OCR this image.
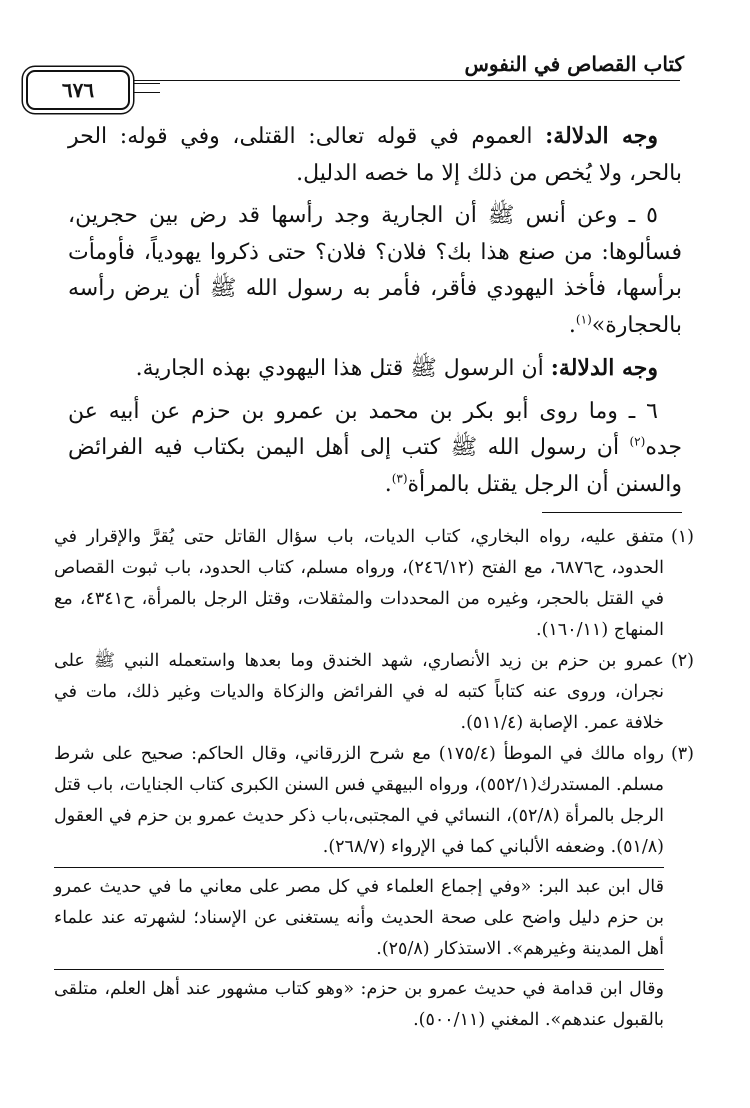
كتاب القصاص في النفوس
٦٧٦

وجه الدلالة: العموم في قوله تعالى: القتلى، وفي قوله: الحر بالحر، ولا يُخص من ذلك إلا ما خصه الدليل.

٥ ـ وعن أنس ﷺ أن الجارية وجد رأسها قد رض بين حجرين، فسألوها: من صنع هذا بك؟ فلان؟ فلان؟ حتى ذكروا يهودياً، فأومأت برأسها، فأخذ اليهودي فأقر، فأمر به رسول الله ﷺ أن يرض رأسه بالحجارة»$^{(١)}$.

وجه الدلالة: أن الرسول ﷺ قتل هذا اليهودي بهذه الجارية.

٦ ـ وما روى أبو بكر بن محمد بن عمرو بن حزم عن أبيه عن جده$^{(٢)}$ أن رسول الله ﷺ كتب إلى أهل اليمن بكتاب فيه الفرائض والسنن أن الرجل يقتل بالمرأة$^{(٣)}$.

(١)
متفق عليه، رواه البخاري، كتاب الديات، باب سؤال القاتل حتى يُقرَّ والإقرار في الحدود، ح٦٨٧٦، مع الفتح (٢٤٦/١٢)، ورواه مسلم، كتاب الحدود، باب ثبوت القصاص في القتل بالحجر، وغيره من المحددات والمثقلات، وقتل الرجل بالمرأة، ح٤٣٤١، مع المنهاج (١٦٠/١١).
(٢)
عمرو بن حزم بن زيد الأنصاري، شهد الخندق وما بعدها واستعمله النبي ﷺ على نجران، وروى عنه كتاباً كتبه له في الفرائض والزكاة والديات وغير ذلك، مات في خلافة عمر. الإصابة (٥١١/٤).
(٣)
رواه مالك في الموطأ (١٧٥/٤) مع شرح الزرقاني، وقال الحاكم: صحيح على شرط مسلم. المستدرك(٥٥٢/١)، ورواه البيهقي فس السنن الكبرى كتاب الجنايات، باب قتل الرجل بالمرأة (٥٢/٨)، النسائي في المجتبى،باب ذكر حديث عمرو بن حزم في العقول (٥١/٨). وضعفه الألباني كما في الإرواء (٢٦٨/٧).

قال ابن عبد البر: «وفي إجماع العلماء في كل مصر على معاني ما في حديث عمرو بن حزم دليل واضح على صحة الحديث وأنه يستغنى عن الإسناد؛ لشهرته عند علماء أهل المدينة وغيرهم». الاستذكار (٢٥/٨).

وقال ابن قدامة في حديث عمرو بن حزم: «وهو كتاب مشهور عند أهل العلم، متلقى بالقبول عندهم». المغني (٥٠٠/١١).
